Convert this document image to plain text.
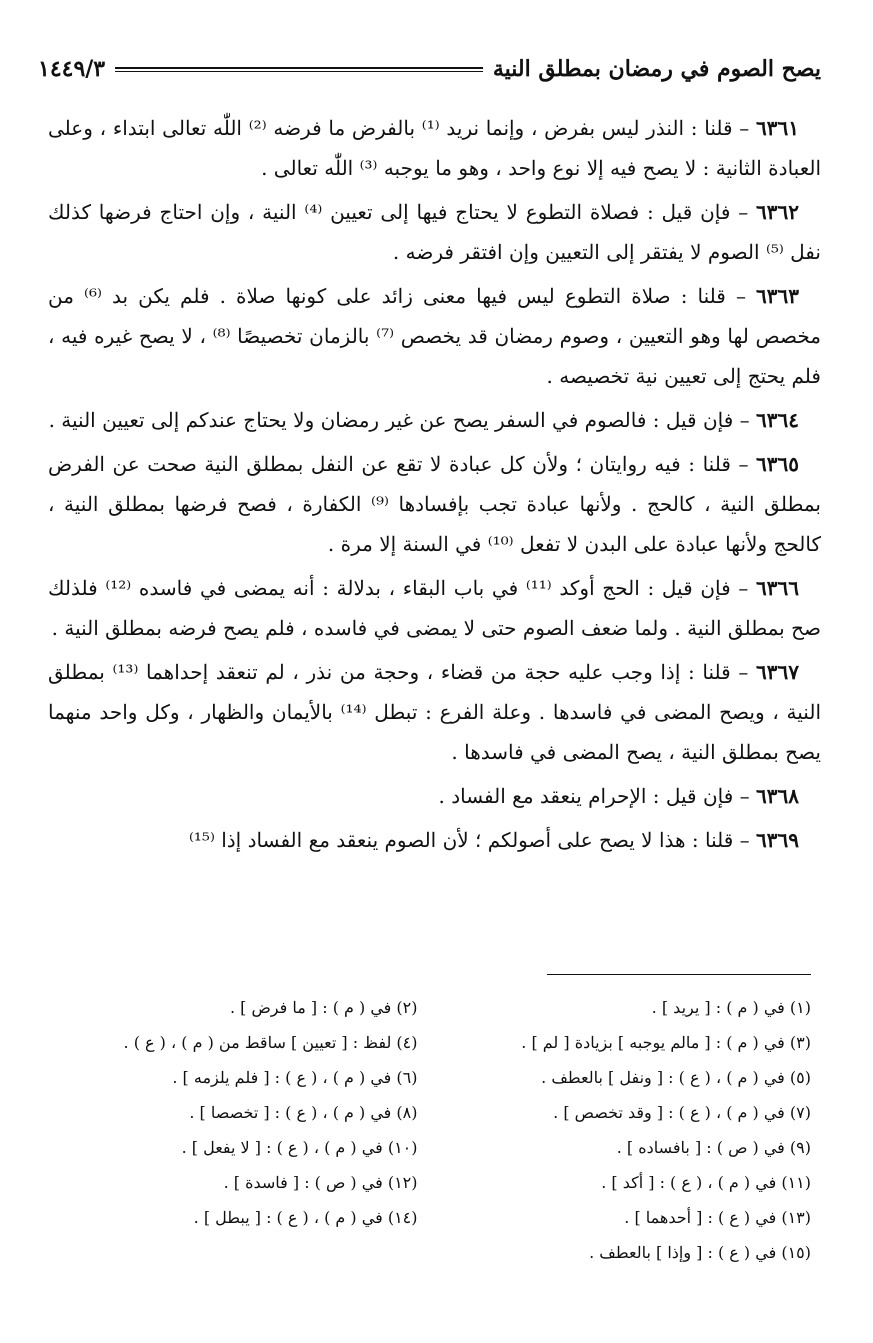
يصح الصوم في رمضان بمطلق النية
١٤٤٩/٣

٦٣٦١ – قلنا : النذر ليس بفرض ، وإنما نريد ⁽¹⁾ بالفرض ما فرضه ⁽²⁾ اللّٰه تعالى ابتداء ، وعلى العبادة الثانية : لا يصح فيه إلا نوع واحد ، وهو ما يوجبه ⁽³⁾ اللّٰه تعالى .

٦٣٦٢ – فإن قيل : فصلاة التطوع لا يحتاج فيها إلى تعيين ⁽⁴⁾ النية ، وإن احتاج فرضها كذلك نفل ⁽⁵⁾ الصوم لا يفتقر إلى التعيين وإن افتقر فرضه .

٦٣٦٣ – قلنا : صلاة التطوع ليس فيها معنى زائد على كونها صلاة . فلم يكن بد ⁽⁶⁾ من مخصص لها وهو التعيين ، وصوم رمضان قد يخصص ⁽⁷⁾ بالزمان تخصيصًا ⁽⁸⁾ ، لا يصح غيره فيه ، فلم يحتج إلى تعيين نية تخصيصه .

٦٣٦٤ – فإن قيل : فالصوم في السفر يصح عن غير رمضان ولا يحتاج عندكم إلى تعيين النية .

٦٣٦٥ – قلنا : فيه روايتان ؛ ولأن كل عبادة لا تقع عن النفل بمطلق النية صحت عن الفرض بمطلق النية ، كالحج . ولأنها عبادة تجب بإفسادها ⁽⁹⁾ الكفارة ، فصح فرضها بمطلق النية ، كالحج ولأنها عبادة على البدن لا تفعل ⁽¹⁰⁾ في السنة إلا مرة .

٦٣٦٦ – فإن قيل : الحج أوكد ⁽¹¹⁾ في باب البقاء ، بدلالة : أنه يمضى في فاسده ⁽¹²⁾ فلذلك صح بمطلق النية . ولما ضعف الصوم حتى لا يمضى في فاسده ، فلم يصح فرضه بمطلق النية .

٦٣٦٧ – قلنا : إذا وجب عليه حجة من قضاء ، وحجة من نذر ، لم تنعقد إحداهما ⁽¹³⁾ بمطلق النية ، ويصح المضى في فاسدها . وعلة الفرع : تبطل ⁽¹⁴⁾ بالأيمان والظهار ، وكل واحد منهما يصح بمطلق النية ، يصح المضى في فاسدها .

٦٣٦٨ – فإن قيل : الإحرام ينعقد مع الفساد .

٦٣٦٩ – قلنا : هذا لا يصح على أصولكم ؛ لأن الصوم ينعقد مع الفساد إذا ⁽¹⁵⁾

(١) في ( م ) : [ يريد ] .
(٢) في ( م ) : [ ما فرض ] .
(٣) في ( م ) : [ مالم يوجبه ] بزيادة [ لم ] .
(٤) لفظ : [ تعيين ] ساقط من ( م ) ، ( ع ) .
(٥) في ( م ) ، ( ع ) : [ ونفل ] بالعطف .
(٦) في ( م ) ، ( ع ) : [ فلم يلزمه ] .
(٧) في ( م ) ، ( ع ) : [ وقد تخصص ] .
(٨) في ( م ) ، ( ع ) : [ تخصصا ] .
(٩) في ( ص ) : [ بافساده ] .
(١٠) في ( م ) ، ( ع ) : [ لا يفعل ] .
(١١) في ( م ) ، ( ع ) : [ أكد ] .
(١٢) في ( ص ) : [ فاسدة ] .
(١٣) في ( ع ) : [ أحدهما ] .
(١٤) في ( م ) ، ( ع ) : [ يبطل ] .
(١٥) في ( ع ) : [ وإذا ] بالعطف .
